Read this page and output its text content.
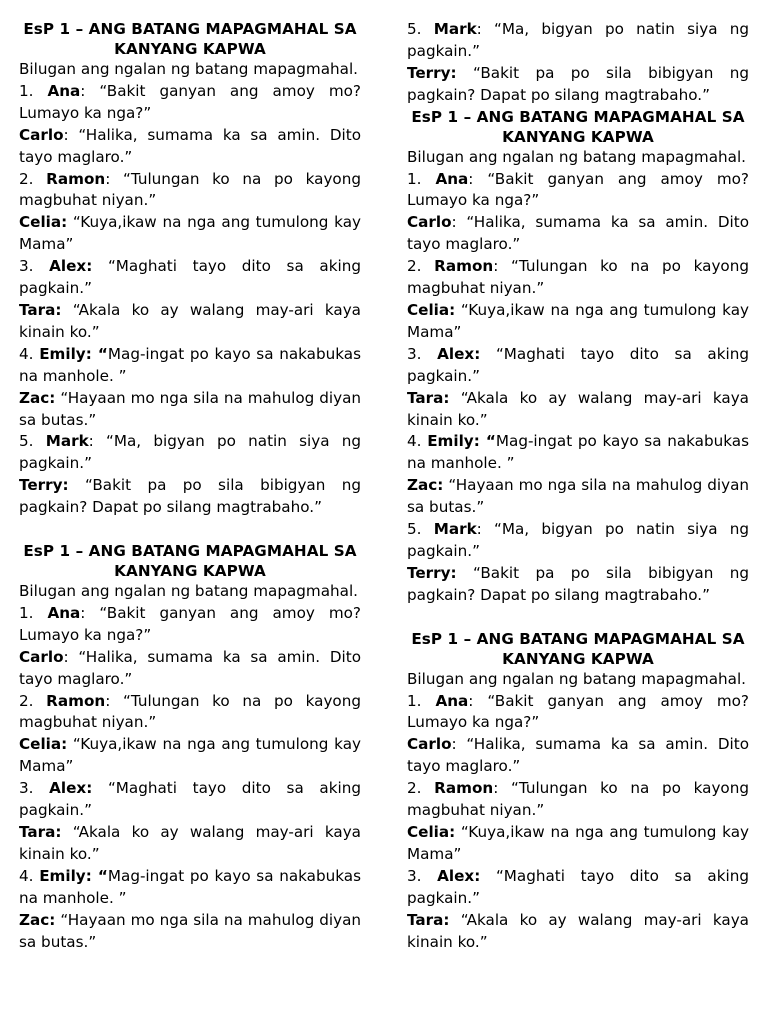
EsP 1 – ANG BATANG MAPAGMAHAL SA
KANYANG KAPWA

Bilugan ang ngalan ng batang mapagmahal.

1. Ana: “Bakit ganyan ang amoy mo? Lumayo ka nga?”

Carlo: “Halika, sumama ka sa amin. Dito tayo maglaro.”

2. Ramon: “Tulungan ko na po kayong magbuhat niyan.”

Celia: “Kuya,ikaw na nga ang tumulong kay Mama”

3. Alex: “Maghati tayo dito sa aking pagkain.”

Tara: “Akala ko ay walang may-ari kaya kinain ko.”

4. Emily: “Mag-ingat po kayo sa nakabukas na manhole. ”

Zac: “Hayaan mo nga sila na mahulog diyan sa butas.”

5. Mark: “Ma, bigyan po natin siya ng pagkain.”

Terry: “Bakit pa po sila bibigyan ng pagkain? Dapat po silang magtrabaho.”

EsP 1 – ANG BATANG MAPAGMAHAL SA
KANYANG KAPWA

Bilugan ang ngalan ng batang mapagmahal.

1. Ana: “Bakit ganyan ang amoy mo? Lumayo ka nga?”

Carlo: “Halika, sumama ka sa amin. Dito tayo maglaro.”

2. Ramon: “Tulungan ko na po kayong magbuhat niyan.”

Celia: “Kuya,ikaw na nga ang tumulong kay Mama”

3. Alex: “Maghati tayo dito sa aking pagkain.”

Tara: “Akala ko ay walang may-ari kaya kinain ko.”

4. Emily: “Mag-ingat po kayo sa nakabukas na manhole. ”

Zac: “Hayaan mo nga sila na mahulog diyan sa butas.”

5. Mark: “Ma, bigyan po natin siya ng pagkain.”

Terry: “Bakit pa po sila bibigyan ng pagkain? Dapat po silang magtrabaho.”

EsP 1 – ANG BATANG MAPAGMAHAL SA
KANYANG KAPWA

Bilugan ang ngalan ng batang mapagmahal.

1. Ana: “Bakit ganyan ang amoy mo? Lumayo ka nga?”

Carlo: “Halika, sumama ka sa amin. Dito tayo maglaro.”

2. Ramon: “Tulungan ko na po kayong magbuhat niyan.”

Celia: “Kuya,ikaw na nga ang tumulong kay Mama”

3. Alex: “Maghati tayo dito sa aking pagkain.”

Tara: “Akala ko ay walang may-ari kaya kinain ko.”

4. Emily: “Mag-ingat po kayo sa nakabukas na manhole. ”

Zac: “Hayaan mo nga sila na mahulog diyan sa butas.”

5. Mark: “Ma, bigyan po natin siya ng pagkain.”

Terry: “Bakit pa po sila bibigyan ng pagkain? Dapat po silang magtrabaho.”

EsP 1 – ANG BATANG MAPAGMAHAL SA
KANYANG KAPWA

Bilugan ang ngalan ng batang mapagmahal.

1. Ana: “Bakit ganyan ang amoy mo? Lumayo ka nga?”

Carlo: “Halika, sumama ka sa amin. Dito tayo maglaro.”

2. Ramon: “Tulungan ko na po kayong magbuhat niyan.”

Celia: “Kuya,ikaw na nga ang tumulong kay Mama”

3. Alex: “Maghati tayo dito sa aking pagkain.”

Tara: “Akala ko ay walang may-ari kaya kinain ko.”
